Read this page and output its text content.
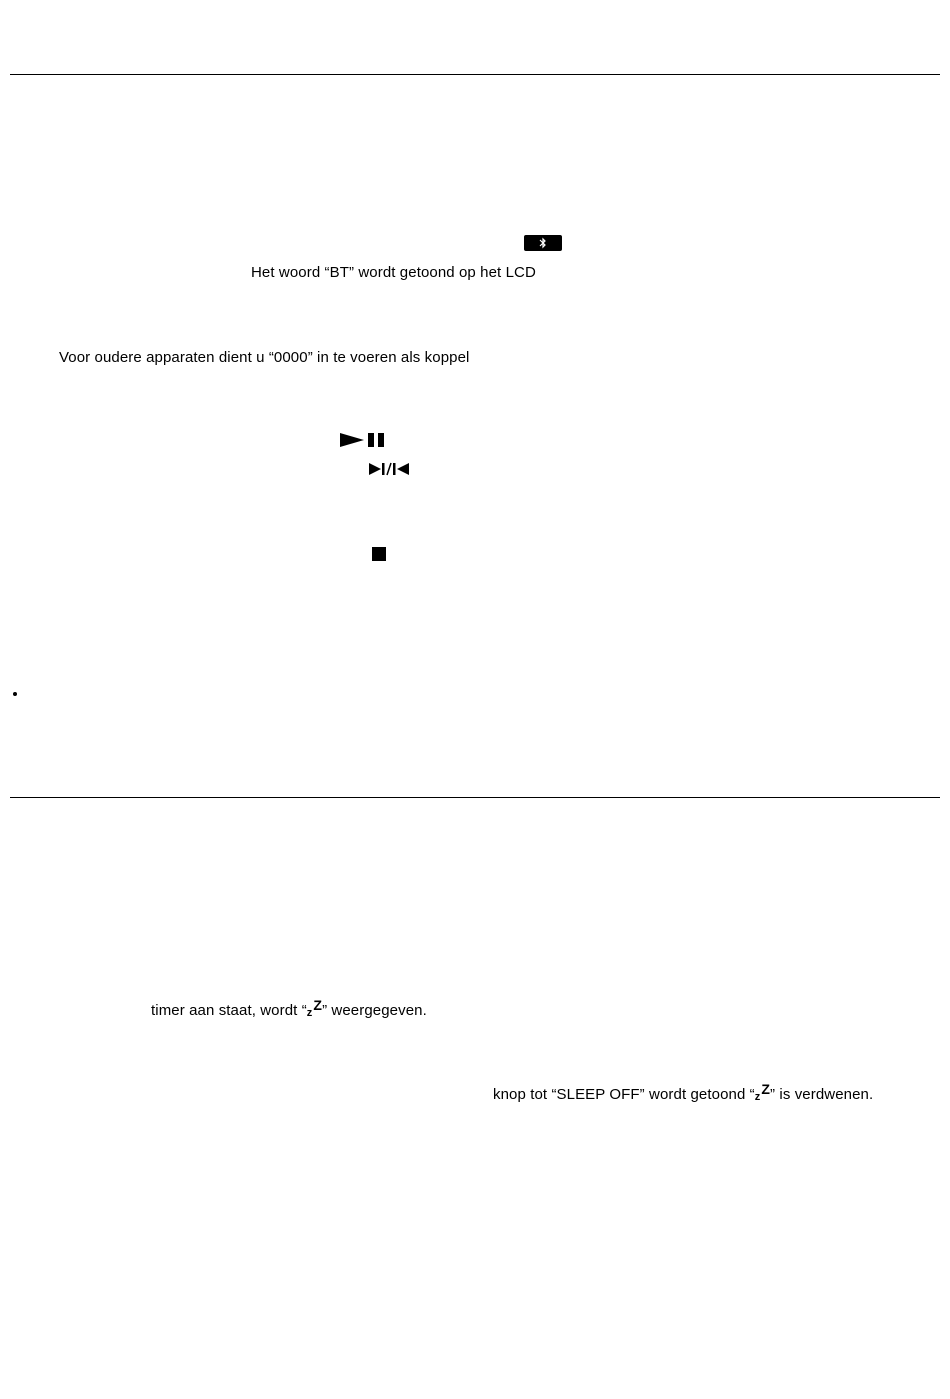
Het woord “BT” wordt getoond op het LCD
Voor oudere apparaten dient u “0000” in te voeren als koppel
timer aan staat, wordt “zZ” weergegeven.
knop tot “SLEEP OFF” wordt getoond “zZ” is verdwenen.
